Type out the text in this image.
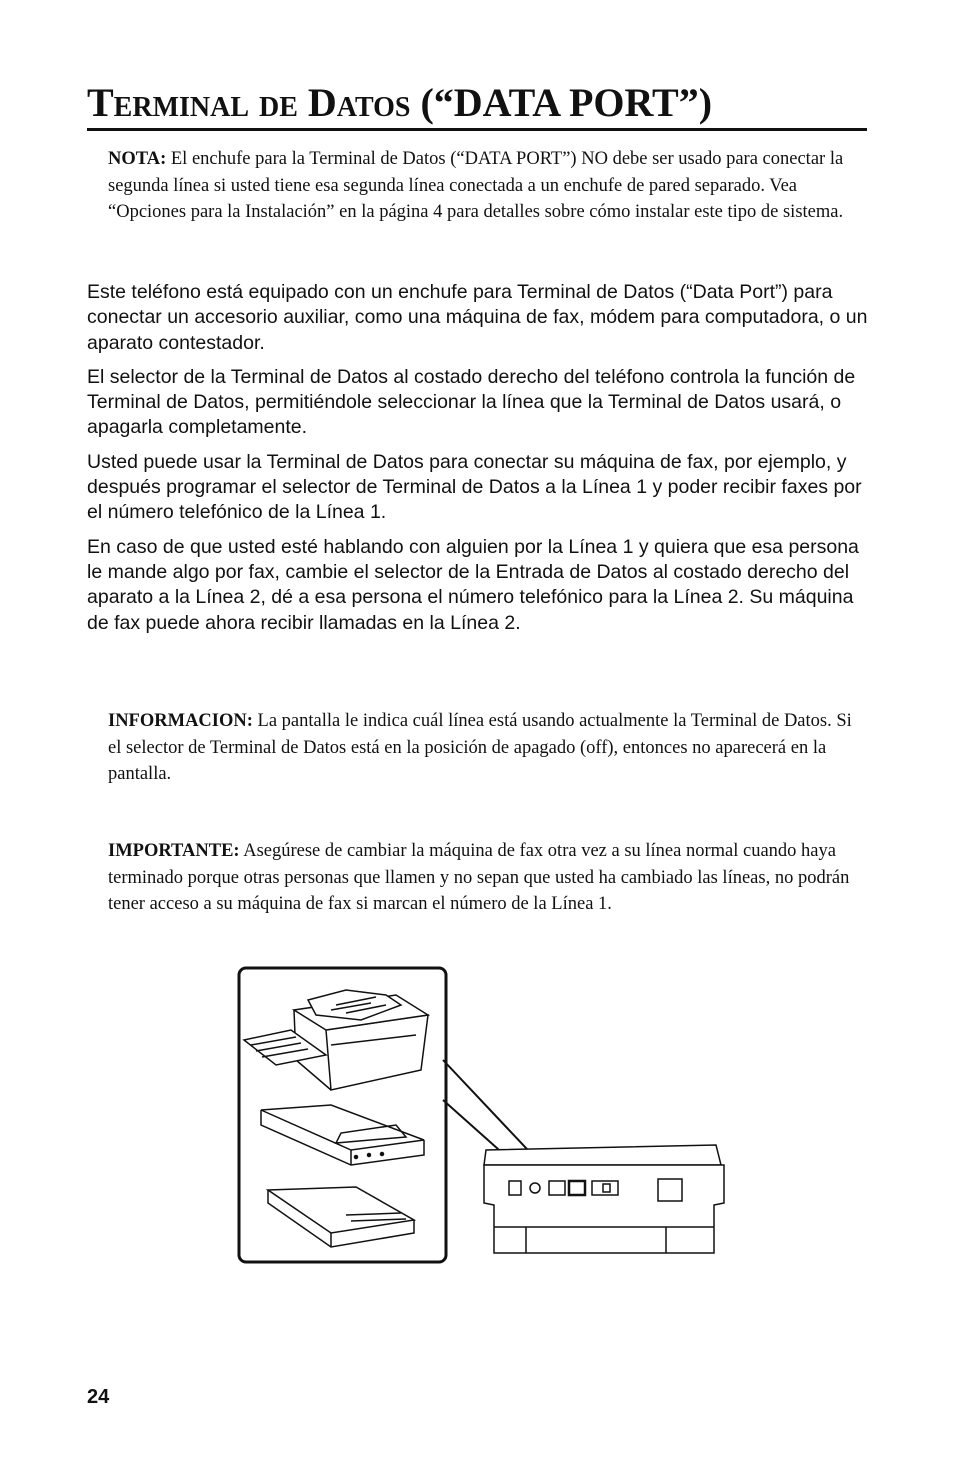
Terminal de Datos (“DATA PORT”)
NOTA: El enchufe para la Terminal de Datos (“DATA PORT”) NO debe ser usado para conectar la segunda línea si usted tiene esa segunda línea conectada a un enchufe de pared separado. Vea “Opciones para la Instalación” en la página 4 para detalles sobre cómo instalar este tipo de sistema.

Este teléfono está equipado con un enchufe para Terminal de Datos (“Data Port”) para conectar un accesorio auxiliar, como una máquina de fax, módem para computadora, o un aparato contestador.

El selector de la Terminal de Datos al costado derecho del teléfono controla la función de Terminal de Datos, permitiéndole seleccionar la línea que la Terminal de Datos usará, o apagarla completamente.

Usted puede usar la Terminal de Datos para conectar su máquina de fax, por ejemplo, y después programar el selector de Terminal de Datos a la Línea 1 y poder recibir faxes por el número telefónico de la Línea 1.

En caso de que usted esté hablando con alguien por la Línea 1 y quiera que esa persona le mande algo por fax, cambie el selector de la Entrada de Datos al costado derecho del aparato a la Línea 2, dé a esa persona el número telefónico para la Línea 2. Su máquina de fax puede ahora recibir llamadas en la Línea 2.

INFORMACION: La pantalla le indica cuál línea está usando actualmente la Terminal de Datos. Si el selector de Terminal de Datos está en la posición de apagado (off), entonces no aparecerá en la pantalla.
IMPORTANTE: Asegúrese de cambiar la máquina de fax otra vez a su línea normal cuando haya terminado porque otras personas que llamen y no sepan que usted ha cambiado las líneas, no podrán tener acceso a su máquina de fax si marcan el número de la Línea 1.
24
